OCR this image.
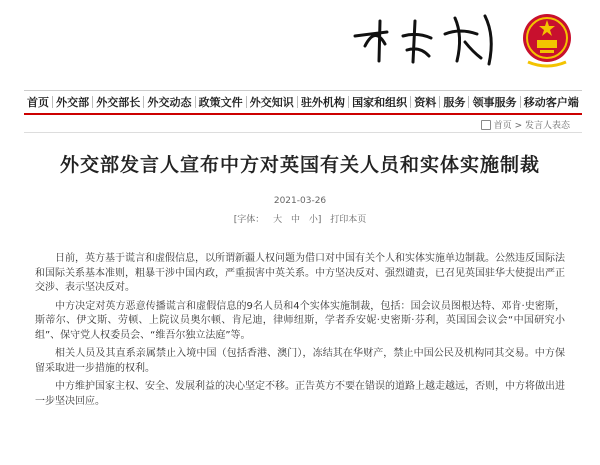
首页 外交部 外交部长 外交动态 政策文件 外交知识 驻外机构 国家和组织 资料 服务 领事服务 移动客户端
首页 > 发言人表态
外交部发言人宣布中方对英国有关人员和实体实施制裁
2021-03-26
[字体： 大 中 小] 打印本页

日前，英方基于谎言和虚假信息，以所谓新疆人权问题为借口对中国有关个人和实体实施单边制裁。公然违反国际法和国际关系基本准则，粗暴干涉中国内政，严重损害中英关系。中方坚决反对、强烈谴责，已召见英国驻华大使提出严正交涉、表示坚决反对。

中方决定对英方恶意传播谎言和虚假信息的9名人员和4个实体实施制裁，包括：国会议员图根达特、邓肯·史密斯，斯蒂尔、伊文斯、劳顿、上院议员奥尔顿、肯尼迪，律师纽斯，学者乔安妮·史密斯·芬利，英国国会议会“中国研究小组”、保守党人权委员会、“维吾尔独立法庭”等。

相关人员及其直系亲属禁止入境中国（包括香港、澳门），冻结其在华财产，禁止中国公民及机构同其交易。中方保留采取进一步措施的权利。

中方维护国家主权、安全、发展利益的决心坚定不移。正告英方不要在错误的道路上越走越远，否则，中方将做出进一步坚决回应。
